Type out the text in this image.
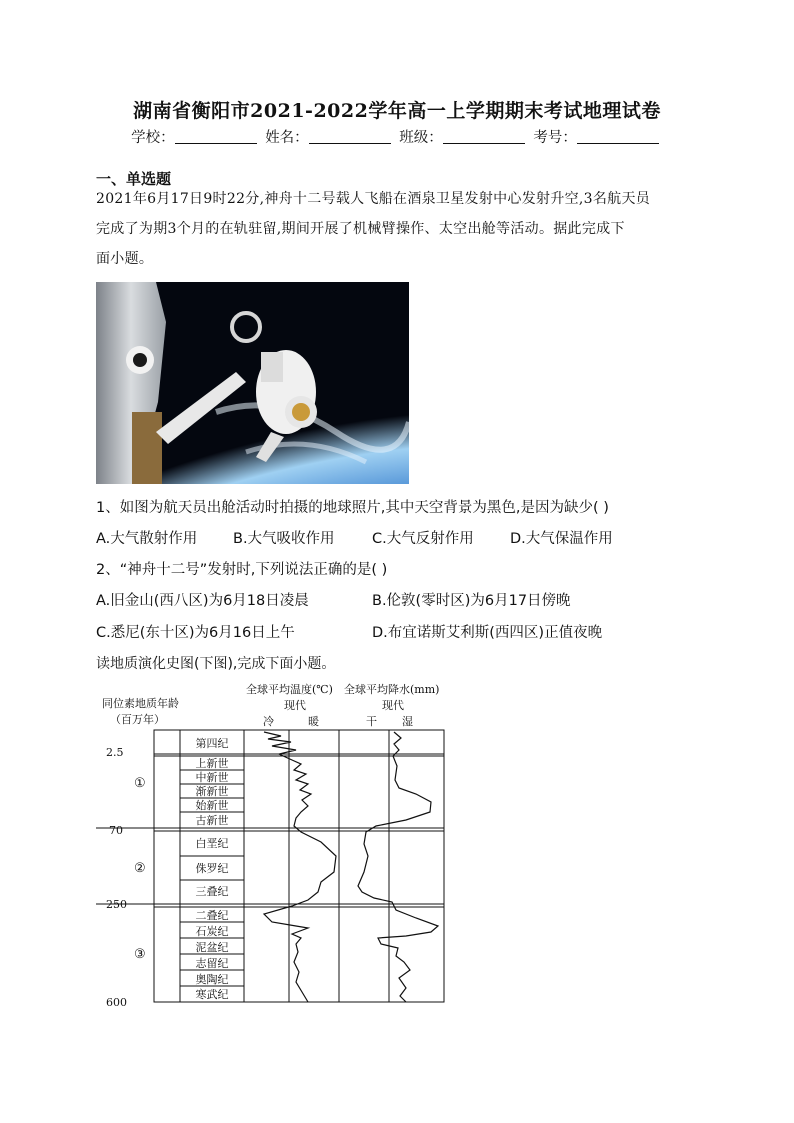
湖南省衡阳市2021-2022学年高一上学期期末考试地理试卷
学校：	姓名：	班级：	考号：
一、单选题
2021年6月17日9时22分,神舟十二号载人飞船在酒泉卫星发射中心发射升空,3名航天员
完成了为期3个月的在轨驻留,期间开展了机械臂操作、太空出舱等活动。据此完成下
面小题。
1、如图为航天员出舱活动时拍摄的地球照片,其中天空背景为黑色,是因为缺少( )
A.大气散射作用 B.大气吸收作用	C.大气反射作用	D.大气保温作用
2、“神舟十二号”发射时,下列说法正确的是( )
A.旧金山(西八区)为6月18日凌晨	B.伦敦(零时区)为6月17日傍晚
C.悉尼(东十区)为6月16日上午	D.布宜诺斯艾利斯(西四区)正值夜晚
读地质演化史图(下图),完成下面小题。
同位素地质年龄
（百万年）
全球平均温度(℃)
现代
冷	暖
全球平均降水(mm)
现代
干 湿
2.5
70
250
600
①
②
③
第四纪
上新世
中新世
渐新世
始新世
古新世
白垩纪
侏罗纪
三叠纪
二叠纪
石炭纪
泥盆纪
志留纪
奥陶纪
寒武纪
